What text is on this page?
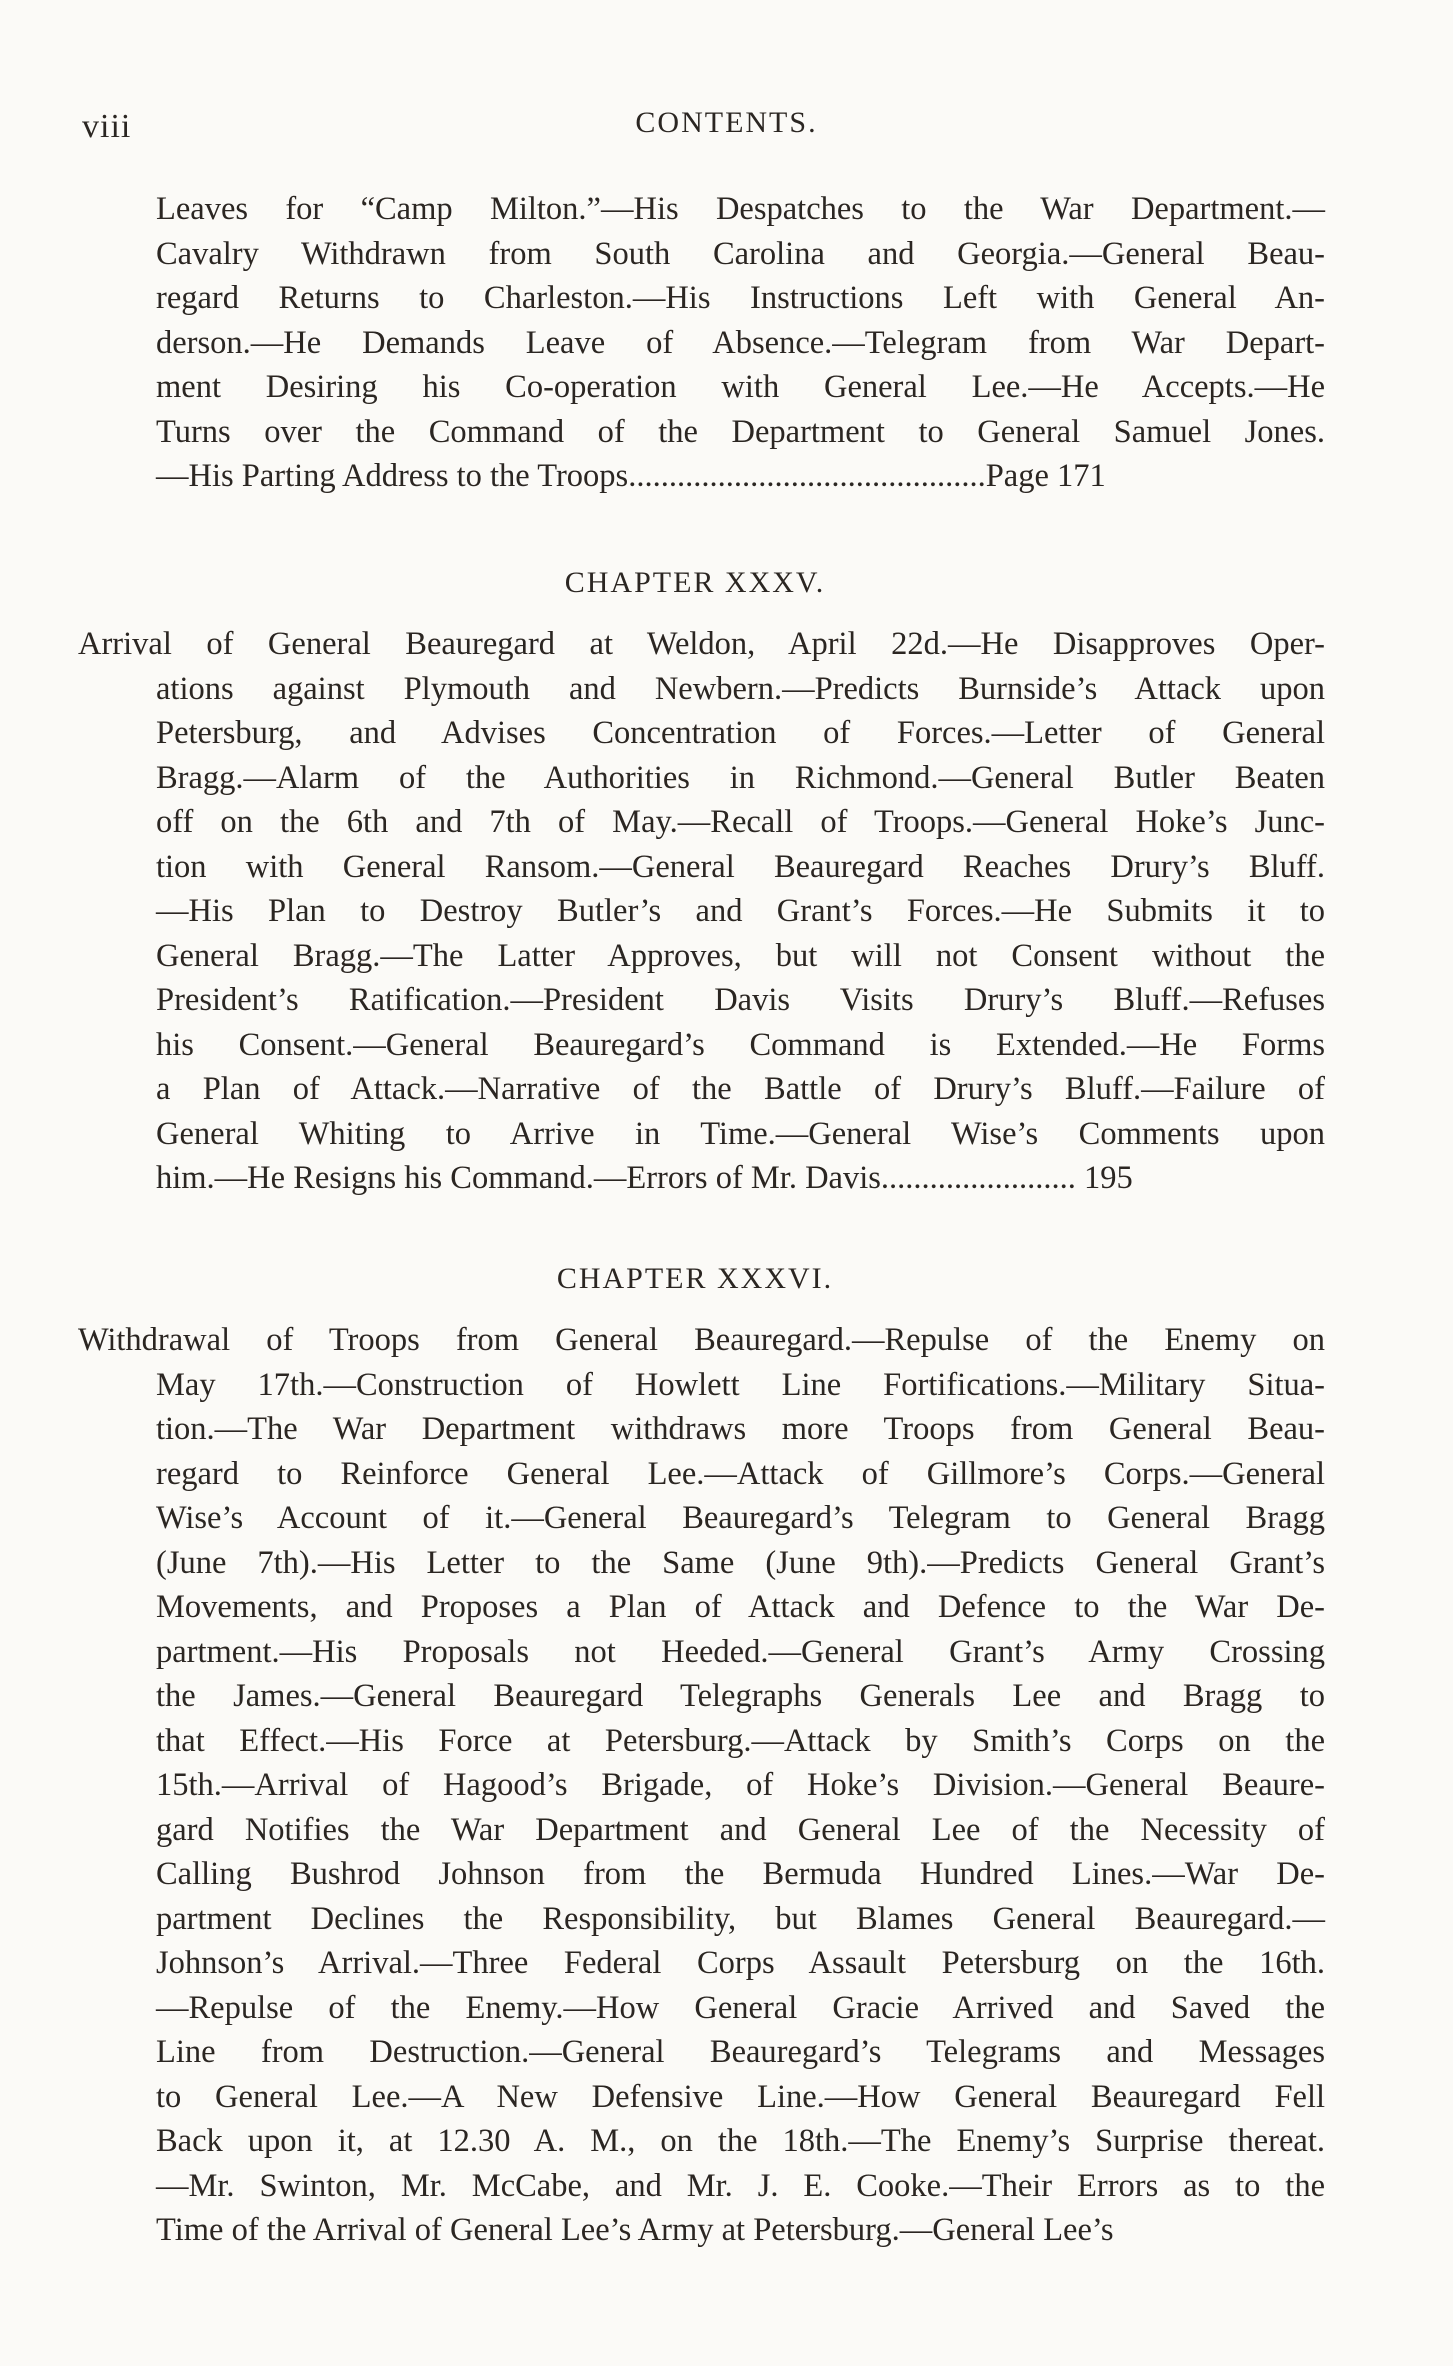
viii	CONTENTS.
Leaves for “Camp Milton.”—His Despatches to the War Department.—
Cavalry Withdrawn from South Carolina and Georgia.—General Beau-
regard Returns to Charleston.—His Instructions Left with General An-
derson.—He Demands Leave of Absence.—Telegram from War Depart-
ment Desiring his Co-operation with General Lee.—He Accepts.—He
Turns over the Command of the Department to General Samuel Jones.
—His Parting Address to the Troops............................................Page 171
CHAPTER XXXV.
Arrival of General Beauregard at Weldon, April 22d.—He Disapproves Oper-
ations against Plymouth and Newbern.—Predicts Burnside’s Attack upon
Petersburg, and Advises Concentration of Forces.—Letter of General
Bragg.—Alarm of the Authorities in Richmond.—General Butler Beaten
off on the 6th and 7th of May.—Recall of Troops.—General Hoke’s Junc-
tion with General Ransom.—General Beauregard Reaches Drury’s Bluff.
—His Plan to Destroy Butler’s and Grant’s Forces.—He Submits it to
General Bragg.—The Latter Approves, but will not Consent without the
President’s Ratification.—President Davis Visits Drury’s Bluff.—Refuses
his Consent.—General Beauregard’s Command is Extended.—He Forms
a Plan of Attack.—Narrative of the Battle of Drury’s Bluff.—Failure of
General Whiting to Arrive in Time.—General Wise’s Comments upon
him.—He Resigns his Command.—Errors of Mr. Davis........................ 195
CHAPTER XXXVI.
Withdrawal of Troops from General Beauregard.—Repulse of the Enemy on
May 17th.—Construction of Howlett Line Fortifications.—Military Situa-
tion.—The War Department withdraws more Troops from General Beau-
regard to Reinforce General Lee.—Attack of Gillmore’s Corps.—General
Wise’s Account of it.—General Beauregard’s Telegram to General Bragg
(June 7th).—His Letter to the Same (June 9th).—Predicts General Grant’s
Movements, and Proposes a Plan of Attack and Defence to the War De-
partment.—His Proposals not Heeded.—General Grant’s Army Crossing
the James.—General Beauregard Telegraphs Generals Lee and Bragg to
that Effect.—His Force at Petersburg.—Attack by Smith’s Corps on the
15th.—Arrival of Hagood’s Brigade, of Hoke’s Division.—General Beaure-
gard Notifies the War Department and General Lee of the Necessity of
Calling Bushrod Johnson from the Bermuda Hundred Lines.—War De-
partment Declines the Responsibility, but Blames General Beauregard.—
Johnson’s Arrival.—Three Federal Corps Assault Petersburg on the 16th.
—Repulse of the Enemy.—How General Gracie Arrived and Saved the
Line from Destruction.—General Beauregard’s Telegrams and Messages
to General Lee.—A New Defensive Line.—How General Beauregard Fell
Back upon it, at 12.30 A. M., on the 18th.—The Enemy’s Surprise thereat.
—Mr. Swinton, Mr. McCabe, and Mr. J. E. Cooke.—Their Errors as to the
Time of the Arrival of General Lee’s Army at Petersburg.—General Lee’s
